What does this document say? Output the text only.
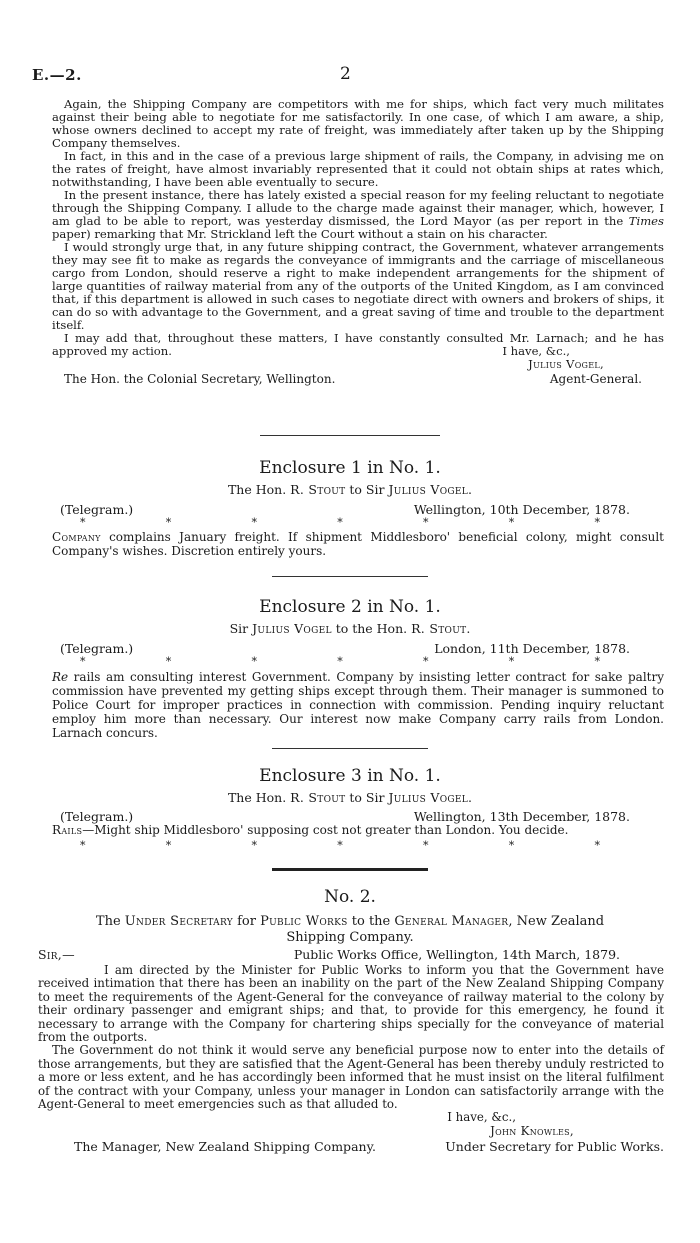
E.—2.	2

Again, the Shipping Company are competitors with me for ships, which fact very much militates against their being able to negotiate for me satisfactorily. In one case, of which I am aware, a ship, whose owners declined to accept my rate of freight, was immediately after taken up by the Shipping Company themselves.

In fact, in this and in the case of a previous large shipment of rails, the Company, in advising me on the rates of freight, have almost invariably represented that it could not obtain ships at rates which, notwithstanding, I have been able eventually to secure.

In the present instance, there has lately existed a special reason for my feeling reluctant to negotiate through the Shipping Company. I allude to the charge made against their manager, which, however, I am glad to be able to report, was yesterday dismissed, the Lord Mayor (as per report in the Times paper) remarking that Mr. Strickland left the Court without a stain on his character.

I would strongly urge that, in any future shipping contract, the Government, whatever arrangements they may see fit to make as regards the conveyance of immigrants and the carriage of miscellaneous cargo from London, should reserve a right to make independent arrangements for the shipment of large quantities of railway material from any of the outports of the United Kingdom, as I am convinced that, if this department is allowed in such cases to negotiate direct with owners and brokers of ships, it can do so with advantage to the Government, and a great saving of time and trouble to the department itself.

I may add that, throughout these matters, I have constantly consulted Mr. Larnach; and he has approved my action.	I have, &c.,
Julius Vogel,
The Hon. the Colonial Secretary, Wellington.	Agent-General.
Enclosure 1 in No. 1.
The Hon. R. Stout to Sir Julius Vogel.
(Telegram.)	Wellington, 10th December, 1878.
*	*	*	*	*	*	*
Company complains January freight. If shipment Middlesboro' beneficial colony, might consult Company's wishes. Discretion entirely yours.
Enclosure 2 in No. 1.
Sir Julius Vogel to the Hon. R. Stout.
(Telegram.)	London, 11th December, 1878.
*	*	*	*	*	*	*
Re rails am consulting interest Government. Company by insisting letter contract for sake paltry commission have prevented my getting ships except through them. Their manager is summoned to Police Court for improper practices in connection with commission. Pending inquiry reluctant employ him more than necessary. Our interest now make Company carry rails from London. Larnach concurs.
Enclosure 3 in No. 1.
The Hon. R. Stout to Sir Julius Vogel.
(Telegram.)	Wellington, 13th December, 1878.
Rails—Might ship Middlesboro' supposing cost not greater than London. You decide.
*	*	*	*	*	*	*
No. 2.
The Under Secretary for Public Works to the General Manager, New Zealand
Shipping Company.
Sir,—	Public Works Office, Wellington, 14th March, 1879.

I am directed by the Minister for Public Works to inform you that the Government have received intimation that there has been an inability on the part of the New Zealand Shipping Company to meet the requirements of the Agent-General for the conveyance of railway material to the colony by their ordinary passenger and emigrant ships; and that, to provide for this emergency, he found it necessary to arrange with the Company for chartering ships specially for the conveyance of material from the outports.

The Government do not think it would serve any beneficial purpose now to enter into the details of those arrangements, but they are satisfied that the Agent-General has been thereby unduly restricted to a more or less extent, and he has accordingly been informed that he must insist on the literal fulfilment of the contract with your Company, unless your manager in London can satisfactorily arrange with the Agent-General to meet emergencies such as that alluded to.

I have, &c.,
John Knowles,
The Manager, New Zealand Shipping Company.	Under Secretary for Public Works.
